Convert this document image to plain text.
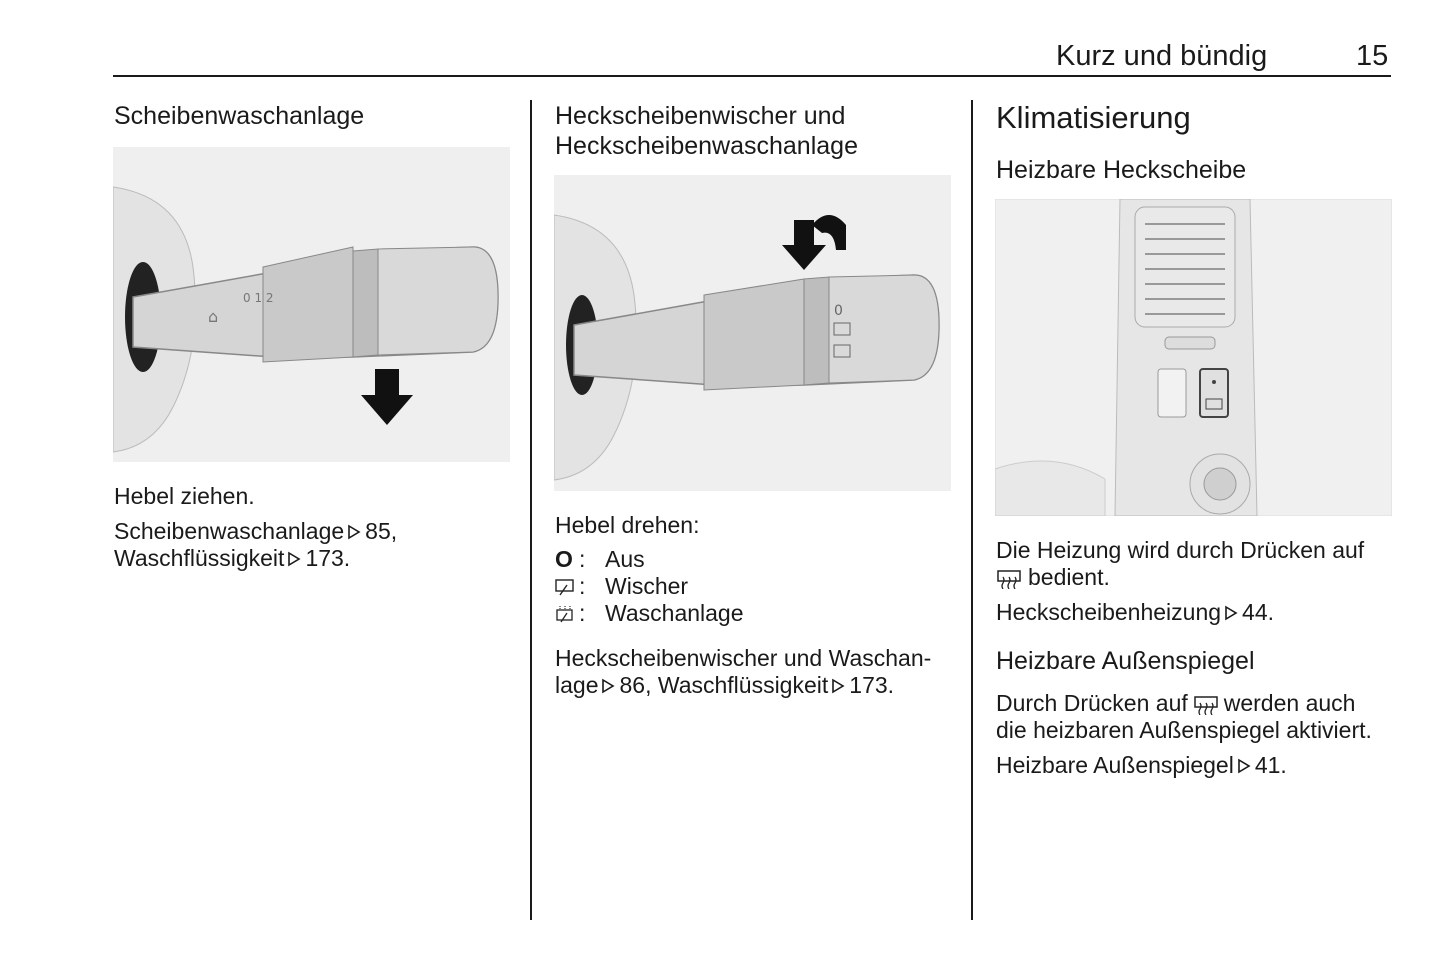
Kurz und bündig	15
Scheibenwaschanlage
⌂
0 1 2
Hebel ziehen.
Scheibenwaschanlage 85,
Waschflüssigkeit 173.
Heckscheibenwischer und
Heckscheibenwaschanlage
0
Hebel drehen:
O : Aus
: Wischer
: Waschanlage
Heckscheibenwischer und Waschan-
lage 86, Waschflüssigkeit 173.
Klimatisierung
Heizbare Heckscheibe
Die Heizung wird durch Drücken auf
bedient.
Heckscheibenheizung 44.
Heizbare Außenspiegel
Durch Drücken auf werden auch
die heizbaren Außenspiegel aktiviert.
Heizbare Außenspiegel 41.
